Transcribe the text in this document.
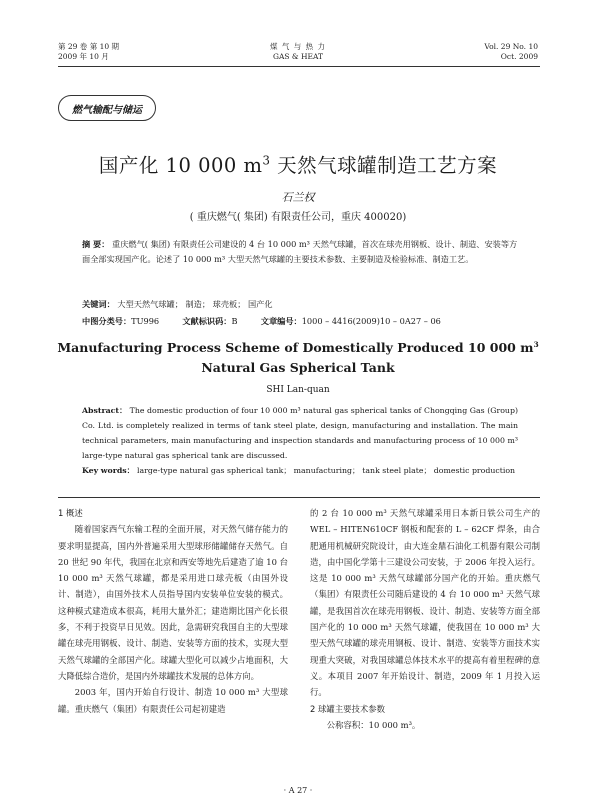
第 29 卷 第 10 期
2009 年 10 月
煤 气 与 热 力
GAS & HEAT
Vol. 29 No. 10
Oct. 2009
燃气输配与储运
国产化 10 000 $m^3$ 天然气球罐制造工艺方案
石兰权
( 重庆燃气( 集团) 有限责任公司，重庆 400020)
摘 要： 重庆燃气( 集团) 有限责任公司建设的 4 台 10 000 m³ 天然气球罐，首次在球壳用钢板、设计、制造、安装等方面全部实现国产化。论述了 10 000 m³ 大型天然气球罐的主要技术参数、主要制造及检验标准、制造工艺。
关键词： 大型天然气球罐； 制造； 球壳板； 国产化
中图分类号：TU996	文献标识码：B	文章编号：1000 – 4416(2009)10 – 0A27 – 06
Manufacturing Process Scheme of Domestically Produced 10 000 $m^3$
Natural Gas Spherical Tank
SHI Lan-quan
Abstract： The domestic production of four 10 000 m³ natural gas spherical tanks of Chongqing Gas (Group) Co. Ltd. is completely realized in terms of tank steel plate, design, manufacturing and installation. The main technical parameters, main manufacturing and inspection standards and manufacturing process of 10 000 m³ large-type natural gas spherical tank are discussed.
Key words： large-type natural gas spherical tank； manufacturing； tank steel plate； domestic production

1 概述

随着国家西气东输工程的全面开展，对天然气储存能力的要求明显提高，国内外普遍采用大型球形储罐储存天然气。自 20 世纪 90 年代，我国在北京和西安等地先后建造了逾 10 台 10 000 m³ 天然气球罐，都是采用进口球壳板（由国外设计、制造），由国外技术人员指导国内安装单位安装的模式。这种模式建造成本很高，耗用大量外汇；建造期比国产化长很多，不利于投资早日见效。因此，急需研究我国自主的大型球罐在球壳用钢板、设计、制造、安装等方面的技术，实现大型天然气球罐的全部国产化。球罐大型化可以减少占地面积，大大降低综合造价，是国内外球罐技术发展的总体方向。

2003 年，国内开始自行设计、制造 10 000 m³ 大型球罐。重庆燃气（集团）有限责任公司起初建造

的 2 台 10 000 m³ 天然气球罐采用日本新日铁公司生产的 WEL – HITEN610CF 钢板和配套的 L – 62CF 焊条，由合肥通用机械研究院设计，由大连金鼎石油化工机器有限公司制造，由中国化学第十三建设公司安装，于 2006 年投入运行。这是 10 000 m³ 天然气球罐部分国产化的开始。重庆燃气（集团）有限责任公司随后建设的 4 台 10 000 m³ 天然气球罐，是我国首次在球壳用钢板、设计、制造、安装等方面全部国产化的 10 000 m³ 天然气球罐，使我国在 10 000 m³ 大型天然气球罐的球壳用钢板、设计、制造、安装等方面技术实现重大突破，对我国球罐总体技术水平的提高有着里程碑的意义。本项目 2007 年开始设计、制造，2009 年 1 月投入运行。

2 球罐主要技术参数

公称容积：10 000 m³。

· A 27 ·
